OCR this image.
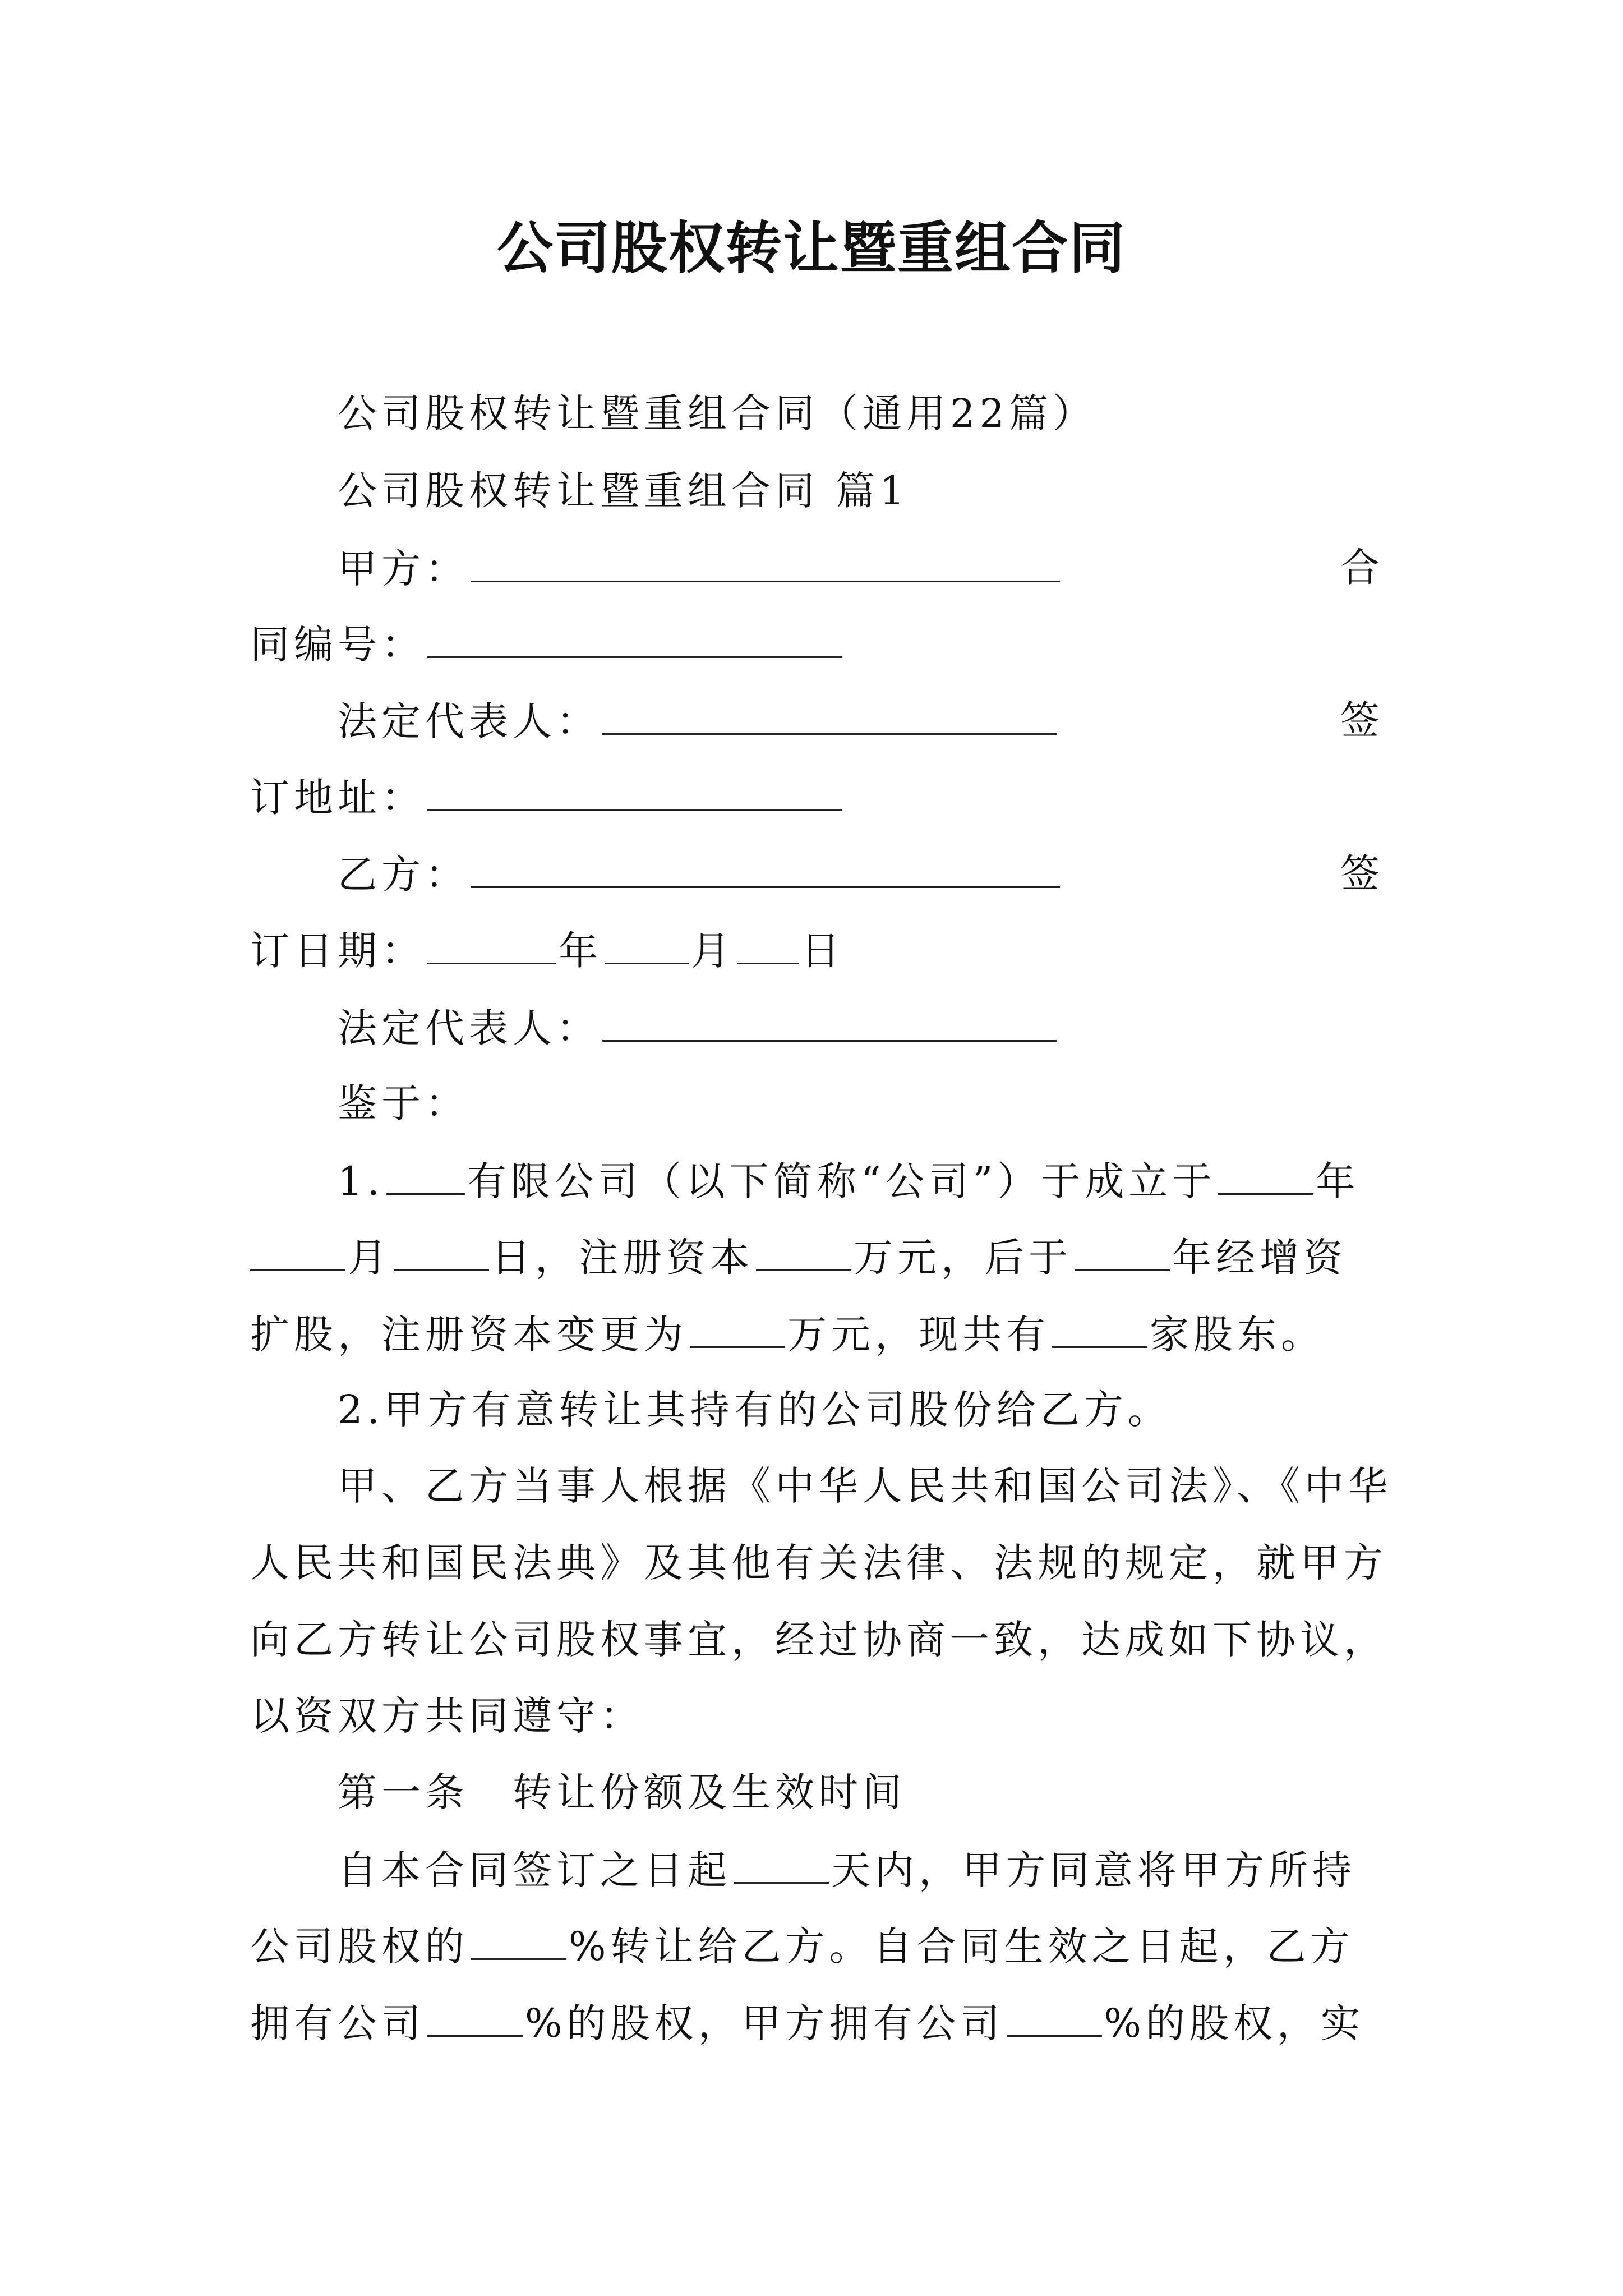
公司股权转让暨重组合同
公司股权转让暨重组合同（通用22篇）
公司股权转让暨重组合同 篇1
甲方：	合
同编号：
法定代表人：	签
订地址：
乙方：	签
订日期：	年 月 日
法定代表人：
鉴于：
1. 有限公司（以下简称“公司”）于成立于	年
月	日，注册资本	万元，后于	年经增资
扩股，注册资本变更为	万元，现共有	家股东。
2.甲方有意转让其持有的公司股份给乙方。
甲、乙方当事人根据《中华人民共和国公司法》、《中华
人民共和国民法典》及其他有关法律、法规的规定，就甲方
向乙方转让公司股权事宜，经过协商一致，达成如下协议，
以资双方共同遵守：
第一条　转让份额及生效时间
自本合同签订之日起	天内，甲方同意将甲方所持
公司股权的	%转让给乙方。自合同生效之日起，乙方
拥有公司	%的股权，甲方拥有公司	%的股权，实
